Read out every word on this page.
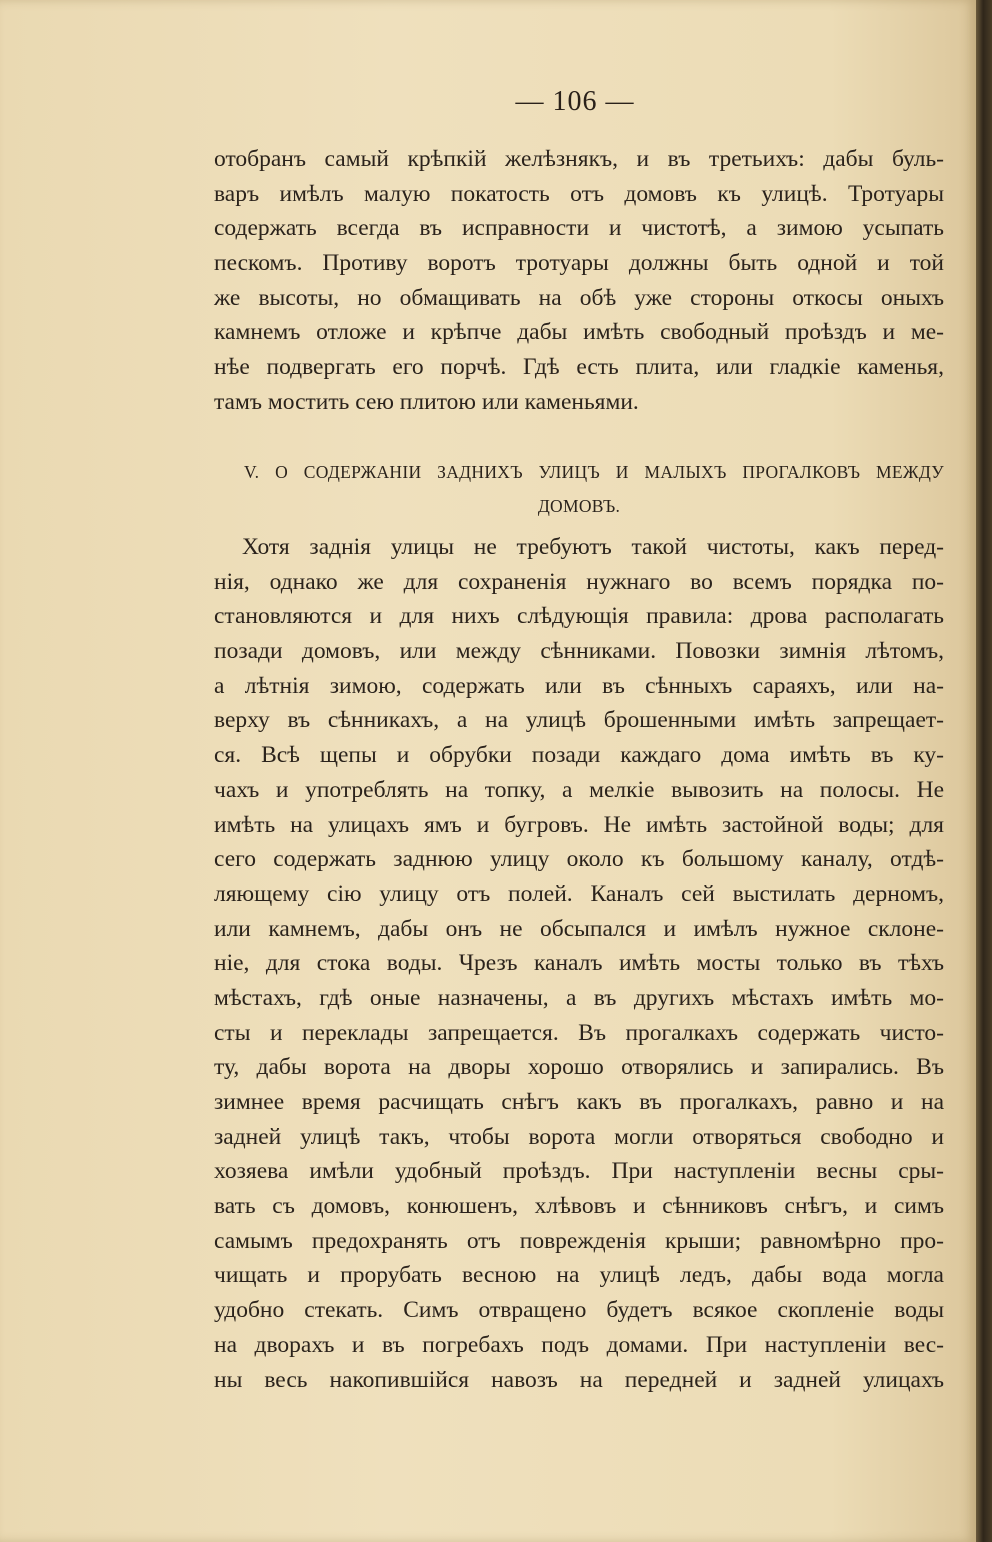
— 106 —
отобранъ самый крѣпкій желѣзнякъ, и въ третьихъ: дабы буль-
варъ имѣлъ малую покатость отъ домовъ къ улицѣ. Тротуары
содержать всегда въ исправности и чистотѣ, а зимою усыпать
пескомъ. Противу воротъ тротуары должны быть одной и той
же высоты, но обмащивать на обѣ уже стороны откосы оныхъ
камнемъ отложе и крѣпче дабы имѣть свободный проѣздъ и ме-
нѣе подвергать его порчѣ. Гдѣ есть плита, или гладкіе каменья,
тамъ мостить сею плитою или каменьями.
V. О СОДЕРЖАНІИ ЗАДНИХЪ УЛИЦЪ И МАЛЫХЪ ПРОГАЛКОВЪ МЕЖДУ
ДОМОВЪ.
Хотя заднія улицы не требуютъ такой чистоты, какъ перед-
нія, однако же для сохраненія нужнаго во всемъ порядка по-
становляются и для нихъ слѣдующія правила: дрова располагать
позади домовъ, или между сѣнниками. Повозки зимнія лѣтомъ,
а лѣтнія зимою, содержать или въ сѣнныхъ сараяхъ, или на-
верху въ сѣнникахъ, а на улицѣ брошенными имѣть запрещает-
ся. Всѣ щепы и обрубки позади каждаго дома имѣть въ ку-
чахъ и употреблять на топку, а мелкіе вывозить на полосы. Не
имѣть на улицахъ ямъ и бугровъ. Не имѣть застойной воды; для
сего содержать заднюю улицу около къ большому каналу, отдѣ-
ляющему сію улицу отъ полей. Каналъ сей выстилать дерномъ,
или камнемъ, дабы онъ не обсыпался и имѣлъ нужное склоне-
ніе, для стока воды. Чрезъ каналъ имѣть мосты только въ тѣхъ
мѣстахъ, гдѣ оные назначены, а въ другихъ мѣстахъ имѣть мо-
сты и переклады запрещается. Въ прогалкахъ содержать чисто-
ту, дабы ворота на дворы хорошо отворялись и запирались. Въ
зимнее время расчищать снѣгъ какъ въ прогалкахъ, равно и на
задней улицѣ такъ, чтобы ворота могли отворяться свободно и
хозяева имѣли удобный проѣздъ. При наступленіи весны сры-
вать съ домовъ, конюшенъ, хлѣвовъ и сѣнниковъ снѣгъ, и симъ
самымъ предохранять отъ поврежденія крыши; равномѣрно про-
чищать и прорубать весною на улицѣ ледъ, дабы вода могла
удобно стекать. Симъ отвращено будетъ всякое скопленіе воды
на дворахъ и въ погребахъ подъ домами. При наступленіи вес-
ны весь накопившійся навозъ на передней и задней улицахъ
